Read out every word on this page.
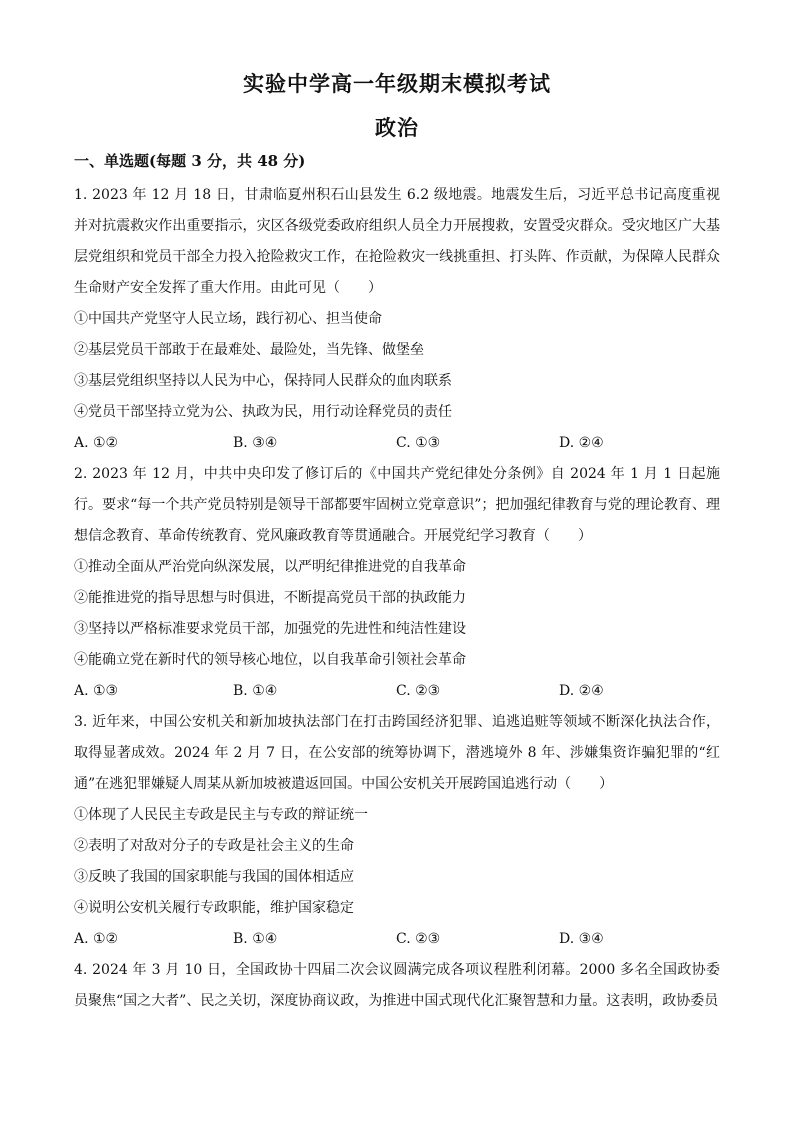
实验中学高一年级期末模拟考试
政治
一、单选题(每题 3 分，共 48 分)
1. 2023 年 12 月 18 日，甘肃临夏州积石山县发生 6.2 级地震。地震发生后，习近平总书记高度重视并对抗震救灾作出重要指示，灾区各级党委政府组织人员全力开展搜救，安置受灾群众。受灾地区广大基层党组织和党员干部全力投入抢险救灾工作，在抢险救灾一线挑重担、打头阵、作贡献，为保障人民群众生命财产安全发挥了重大作用。由此可见（　　）
①中国共产党坚守人民立场，践行初心、担当使命
②基层党员干部敢于在最难处、最险处，当先锋、做堡垒
③基层党组织坚持以人民为中心，保持同人民群众的血肉联系
④党员干部坚持立党为公、执政为民，用行动诠释党员的责任
A. ①②	B. ③④	C. ①③	D. ②④
2. 2023 年 12 月，中共中央印发了修订后的《中国共产党纪律处分条例》自 2024 年 1 月 1 日起施行。要求“每一个共产党员特别是领导干部都要牢固树立党章意识”；把加强纪律教育与党的理论教育、理想信念教育、革命传统教育、党风廉政教育等贯通融合。开展党纪学习教育（　　）
①推动全面从严治党向纵深发展，以严明纪律推进党的自我革命
②能推进党的指导思想与时俱进，不断提高党员干部的执政能力
③坚持以严格标准要求党员干部，加强党的先进性和纯洁性建设
④能确立党在新时代的领导核心地位，以自我革命引领社会革命
A. ①③	B. ①④	C. ②③	D. ②④
3. 近年来，中国公安机关和新加坡执法部门在打击跨国经济犯罪、追逃追赃等领域不断深化执法合作，取得显著成效。2024 年 2 月 7 日，在公安部的统筹协调下，潜逃境外 8 年、涉嫌集资诈骗犯罪的“红通”在逃犯罪嫌疑人周某从新加坡被遣返回国。中国公安机关开展跨国追逃行动（　　）
①体现了人民民主专政是民主与专政的辩证统一
②表明了对敌对分子的专政是社会主义的生命
③反映了我国的国家职能与我国的国体相适应
④说明公安机关履行专政职能，维护国家稳定
A. ①②	B. ①④	C. ②③	D. ③④
4. 2024 年 3 月 10 日，全国政协十四届二次会议圆满完成各项议程胜利闭幕。2000 多名全国政协委员聚焦“国之大者”、民之关切，深度协商议政，为推进中国式现代化汇聚智慧和力量。这表明，政协委员
